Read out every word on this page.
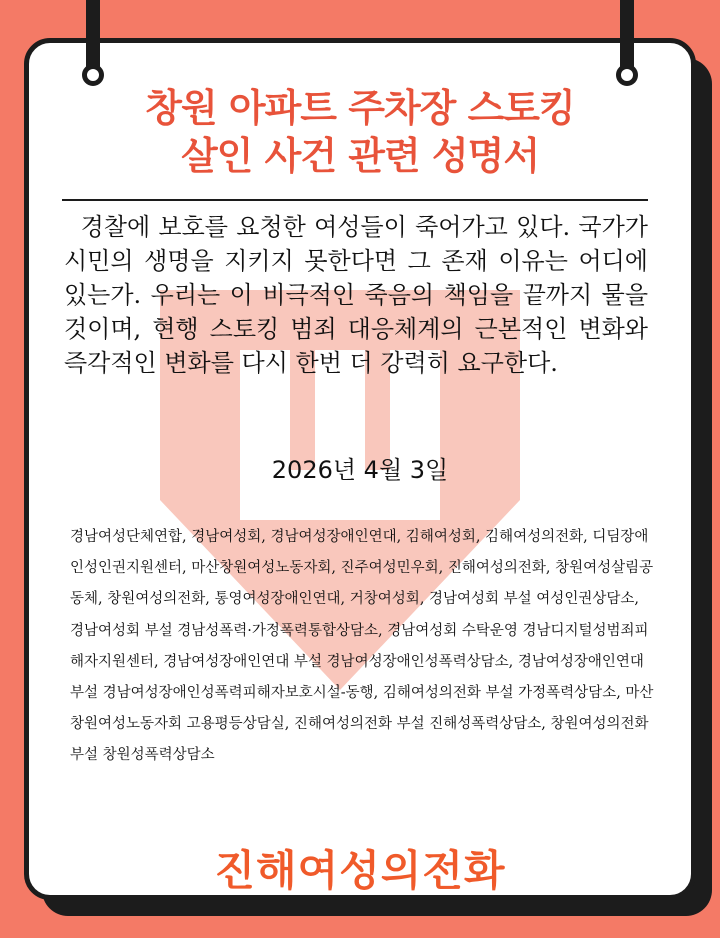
창원 아파트 주차장 스토킹
살인 사건 관련 성명서

경찰에 보호를 요청한 여성들이 죽어가고 있다. 국가가 시민의 생명을 지키지 못한다면 그 존재 이유는 어디에 있는가. 우리는 이 비극적인 죽음의 책임을 끝까지 물을 것이며, 현행 스토킹 범죄 대응체계의 근본적인 변화와 즉각적인 변화를 다시 한번 더 강력히 요구한다.

2026년 4월 3일

경남여성단체연합, 경남여성회, 경남여성장애인연대, 김해여성회, 김해여성의전화, 디딤장애인성인권지원센터, 마산창원여성노동자회, 진주여성민우회, 진해여성의전화, 창원여성살림공동체, 창원여성의전화, 통영여성장애인연대, 거창여성회, 경남여성회 부설 여성인권상담소, 경남여성회 부설 경남성폭력·가정폭력통합상담소, 경남여성회 수탁운영 경남디지털성범죄피해자지원센터, 경남여성장애인연대 부설 경남여성장애인성폭력상담소, 경남여성장애인연대 부설 경남여성장애인성폭력피해자보호시설-동행, 김해여성의전화 부설 가정폭력상담소, 마산창원여성노동자회 고용평등상담실, 진해여성의전화 부설 진해성폭력상담소, 창원여성의전화 부설 창원성폭력상담소

진해여성의전화
